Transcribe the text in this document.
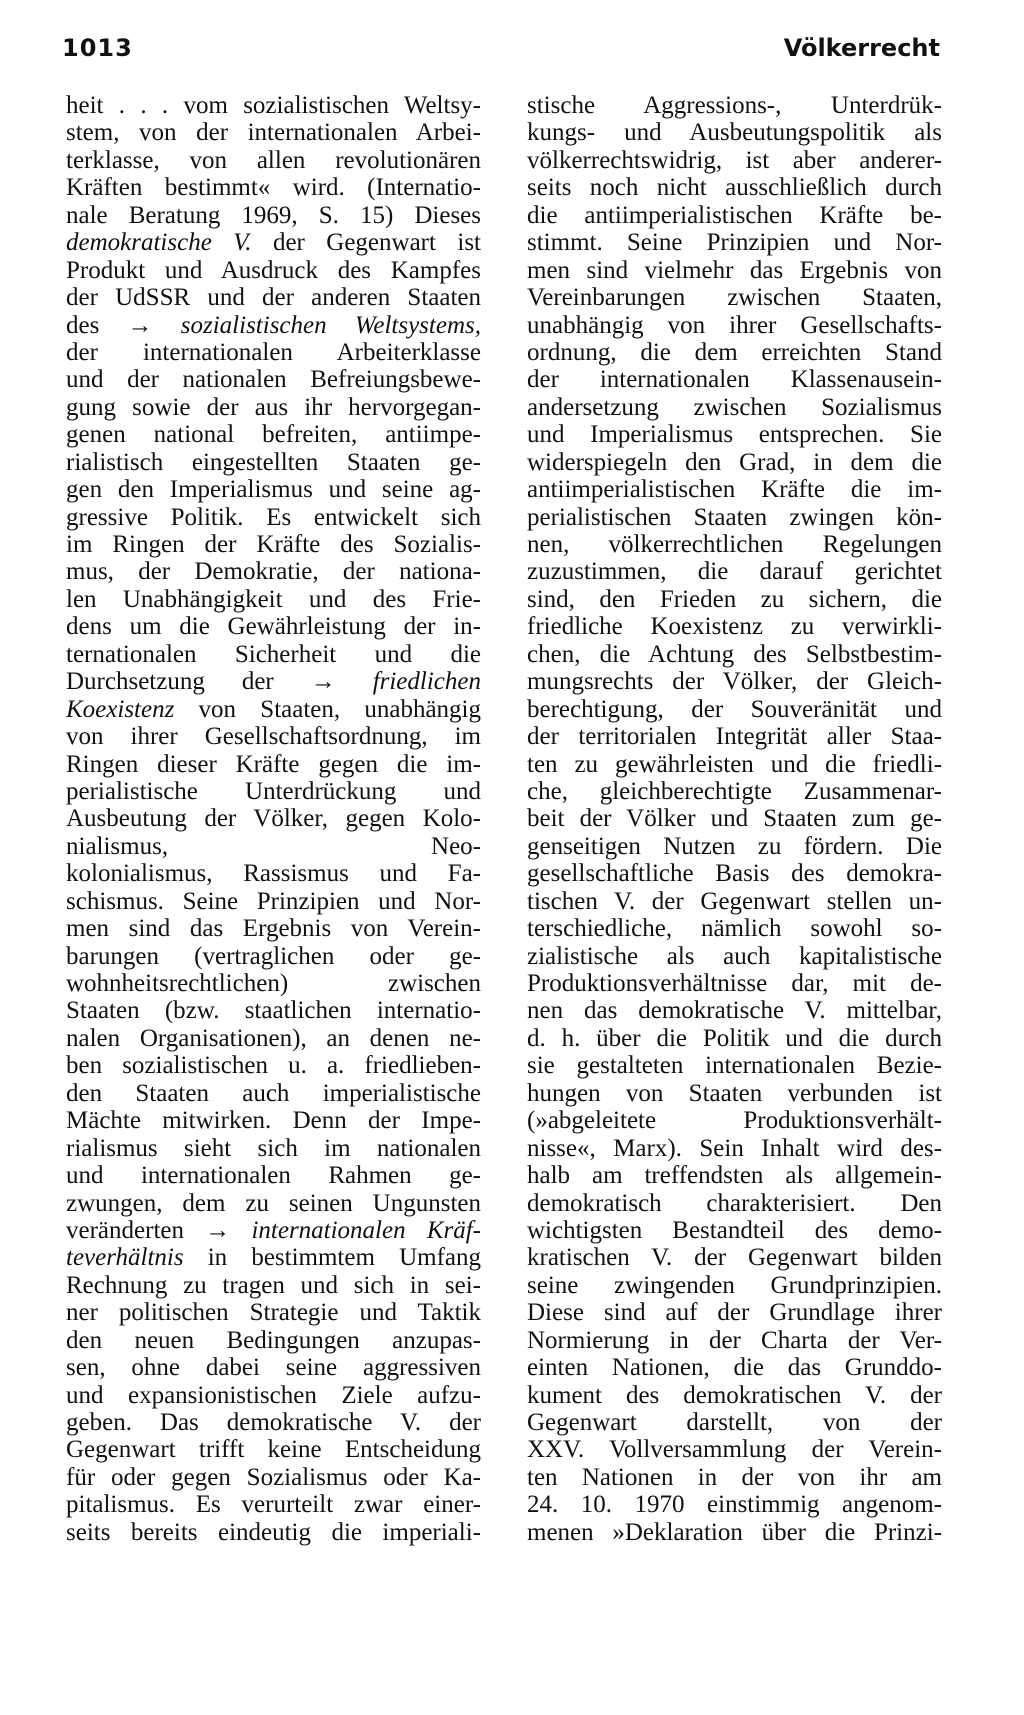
1013	Völkerrecht
heit . . . vom sozialistischen Weltsy-
stem, von der internationalen Arbei-
terklasse, von allen revolutionären
Kräften bestimmt« wird. (Internatio-
nale Beratung 1969, S. 15) Dieses
demokratische V. der Gegenwart ist
Produkt und Ausdruck des Kampfes
der UdSSR und der anderen Staaten
des → sozialistischen Weltsystems,
der internationalen Arbeiterklasse
und der nationalen Befreiungsbewe-
gung sowie der aus ihr hervorgegan-
genen national befreiten, antiimpe-
rialistisch eingestellten Staaten ge-
gen den Imperialismus und seine ag-
gressive Politik. Es entwickelt sich
im Ringen der Kräfte des Sozialis-
mus, der Demokratie, der nationa-
len Unabhängigkeit und des Frie-
dens um die Gewährleistung der in-
ternationalen Sicherheit und die
Durchsetzung der → friedlichen
Koexistenz von Staaten, unabhängig
von ihrer Gesellschaftsordnung, im
Ringen dieser Kräfte gegen die im-
perialistische Unterdrückung und
Ausbeutung der Völker, gegen Kolo-
nialismus, Neo-
kolonialismus, Rassismus und Fa-
schismus. Seine Prinzipien und Nor-
men sind das Ergebnis von Verein-
barungen (vertraglichen oder ge-
wohnheitsrechtlichen) zwischen
Staaten (bzw. staatlichen internatio-
nalen Organisationen), an denen ne-
ben sozialistischen u. a. friedlieben-
den Staaten auch imperialistische
Mächte mitwirken. Denn der Impe-
rialismus sieht sich im nationalen
und internationalen Rahmen ge-
zwungen, dem zu seinen Ungunsten
veränderten → internationalen Kräf-
teverhältnis in bestimmtem Umfang
Rechnung zu tragen und sich in sei-
ner politischen Strategie und Taktik
den neuen Bedingungen anzupas-
sen, ohne dabei seine aggressiven
und expansionistischen Ziele aufzu-
geben. Das demokratische V. der
Gegenwart trifft keine Entscheidung
für oder gegen Sozialismus oder Ka-
pitalismus. Es verurteilt zwar einer-
seits bereits eindeutig die imperiali-
stische Aggressions-, Unterdrük-
kungs- und Ausbeutungspolitik als
völkerrechtswidrig, ist aber anderer-
seits noch nicht ausschließlich durch
die antiimperialistischen Kräfte be-
stimmt. Seine Prinzipien und Nor-
men sind vielmehr das Ergebnis von
Vereinbarungen zwischen Staaten,
unabhängig von ihrer Gesellschafts-
ordnung, die dem erreichten Stand
der internationalen Klassenausein-
andersetzung zwischen Sozialismus
und Imperialismus entsprechen. Sie
widerspiegeln den Grad, in dem die
antiimperialistischen Kräfte die im-
perialistischen Staaten zwingen kön-
nen, völkerrechtlichen Regelungen
zuzustimmen, die darauf gerichtet
sind, den Frieden zu sichern, die
friedliche Koexistenz zu verwirkli-
chen, die Achtung des Selbstbestim-
mungsrechts der Völker, der Gleich-
berechtigung, der Souveränität und
der territorialen Integrität aller Staa-
ten zu gewährleisten und die friedli-
che, gleichberechtigte Zusammenar-
beit der Völker und Staaten zum ge-
genseitigen Nutzen zu fördern. Die
gesellschaftliche Basis des demokra-
tischen V. der Gegenwart stellen un-
terschiedliche, nämlich sowohl so-
zialistische als auch kapitalistische
Produktionsverhältnisse dar, mit de-
nen das demokratische V. mittelbar,
d. h. über die Politik und die durch
sie gestalteten internationalen Bezie-
hungen von Staaten verbunden ist
(»abgeleitete Produktionsverhält-
nisse«, Marx). Sein Inhalt wird des-
halb am treffendsten als allgemein-
demokratisch charakterisiert. Den
wichtigsten Bestandteil des demo-
kratischen V. der Gegenwart bilden
seine zwingenden Grundprinzipien.
Diese sind auf der Grundlage ihrer
Normierung in der Charta der Ver-
einten Nationen, die das Grunddo-
kument des demokratischen V. der
Gegenwart darstellt, von der
XXV. Vollversammlung der Verein-
ten Nationen in der von ihr am
24. 10. 1970 einstimmig angenom-
menen »Deklaration über die Prinzi-
